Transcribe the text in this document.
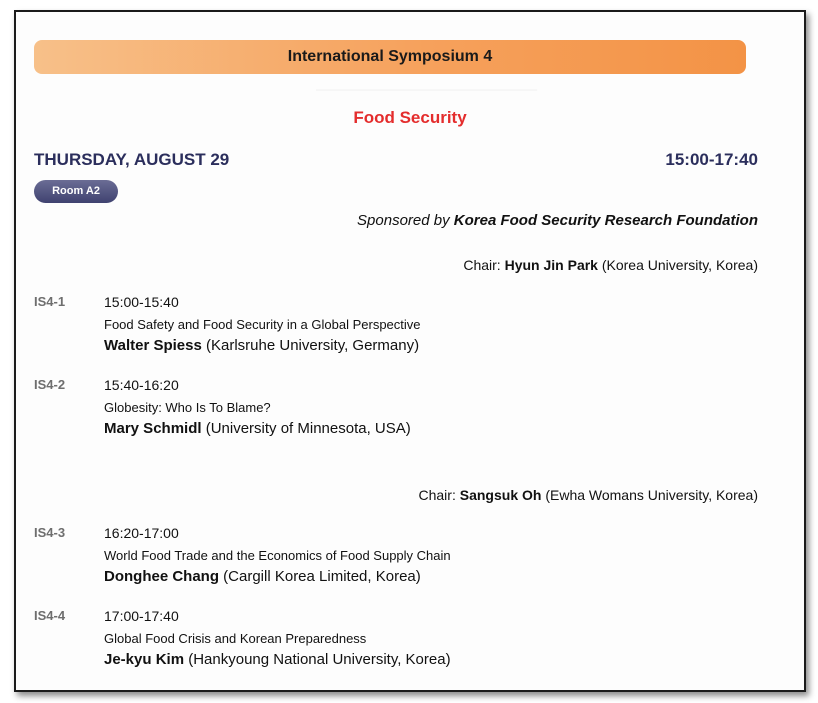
────────────────────────
International Symposium 4
Food Security
THURSDAY, AUGUST 29	15:00-17:40
Room A2
Sponsored by Korea Food Security Research Foundation
Chair: Hyun Jin Park (Korea University, Korea)
IS4-1	15:00-15:40
Food Safety and Food Security in a Global Perspective
Walter Spiess (Karlsruhe University, Germany)
IS4-2	15:40-16:20
Globesity: Who Is To Blame?
Mary Schmidl (University of Minnesota, USA)
Chair: Sangsuk Oh (Ewha Womans University, Korea)
IS4-3	16:20-17:00
World Food Trade and the Economics of Food Supply Chain
Donghee Chang (Cargill Korea Limited, Korea)
IS4-4	17:00-17:40
Global Food Crisis and Korean Preparedness
Je-kyu Kim (Hankyoung National University, Korea)
